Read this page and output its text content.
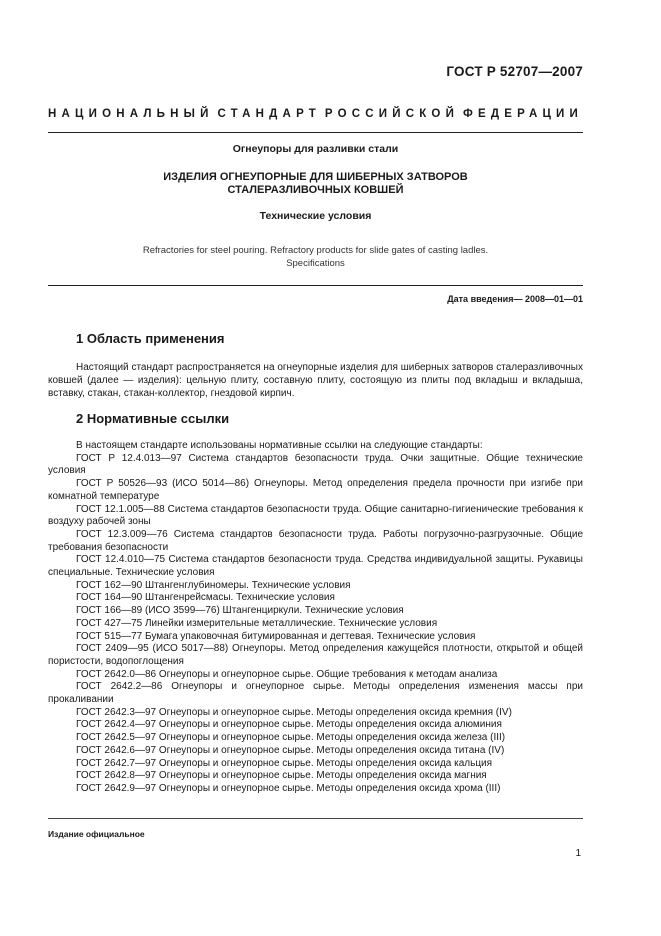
ГОСТ Р 52707—2007
НАЦИОНАЛЬНЫЙ СТАНДАРТ РОССИЙСКОЙ ФЕДЕРАЦИИ
Огнеупоры для разливки стали
ИЗДЕЛИЯ ОГНЕУПОРНЫЕ ДЛЯ ШИБЕРНЫХ ЗАТВОРОВ
СТАЛЕРАЗЛИВОЧНЫХ КОВШЕЙ
Технические условия
Refractories for steel pouring. Refractory products for slide gates of casting ladles.
Specifications
Дата введения— 2008—01—01
1 Область применения
Настоящий стандарт распространяется на огнеупорные изделия для шиберных затворов сталеразливочных ковшей (далее — изделия): цельную плиту, составную плиту, состоящую из плиты под вкладыш и вкладыша, вставку, стакан, стакан-коллектор, гнездовой кирпич.
2 Нормативные ссылки

В настоящем стандарте использованы нормативные ссылки на следующие стандарты:

ГОСТ Р 12.4.013—97 Система стандартов безопасности труда. Очки защитные. Общие технические условия

ГОСТ Р 50526—93 (ИСО 5014—86) Огнеупоры. Метод определения предела прочности при изгибе при комнатной температуре

ГОСТ 12.1.005—88 Система стандартов безопасности труда. Общие санитарно-гигиенические требования к воздуху рабочей зоны

ГОСТ 12.3.009—76 Система стандартов безопасности труда. Работы погрузочно-разгрузочные. Общие требования безопасности

ГОСТ 12.4.010—75 Система стандартов безопасности труда. Средства индивидуальной защиты. Рукавицы специальные. Технические условия

ГОСТ 162—90 Штангенглубиномеры. Технические условия

ГОСТ 164—90 Штангенрейсмасы. Технические условия

ГОСТ 166—89 (ИСО 3599—76) Штангенциркули. Технические условия

ГОСТ 427—75 Линейки измерительные металлические. Технические условия

ГОСТ 515—77 Бумага упаковочная битумированная и дегтевая. Технические условия

ГОСТ 2409—95 (ИСО 5017—88) Огнеупоры. Метод определения кажущейся плотности, открытой и общей пористости, водопоглощения

ГОСТ 2642.0—86 Огнеупоры и огнеупорное сырье. Общие требования к методам анализа

ГОСТ 2642.2—86 Огнеупоры и огнеупорное сырье. Методы определения изменения массы при прокаливании

ГОСТ 2642.3—97 Огнеупоры и огнеупорное сырье. Методы определения оксида кремния (IV)

ГОСТ 2642.4—97 Огнеупоры и огнеупорное сырье. Методы определения оксида алюминия

ГОСТ 2642.5—97 Огнеупоры и огнеупорное сырье. Методы определения оксида железа (III)

ГОСТ 2642.6—97 Огнеупоры и огнеупорное сырье. Методы определения оксида титана (IV)

ГОСТ 2642.7—97 Огнеупоры и огнеупорное сырье. Методы определения оксида кальция

ГОСТ 2642.8—97 Огнеупоры и огнеупорное сырье. Методы определения оксида магния

ГОСТ 2642.9—97 Огнеупоры и огнеупорное сырье. Методы определения оксида хрома (III)

Издание официальное
1
